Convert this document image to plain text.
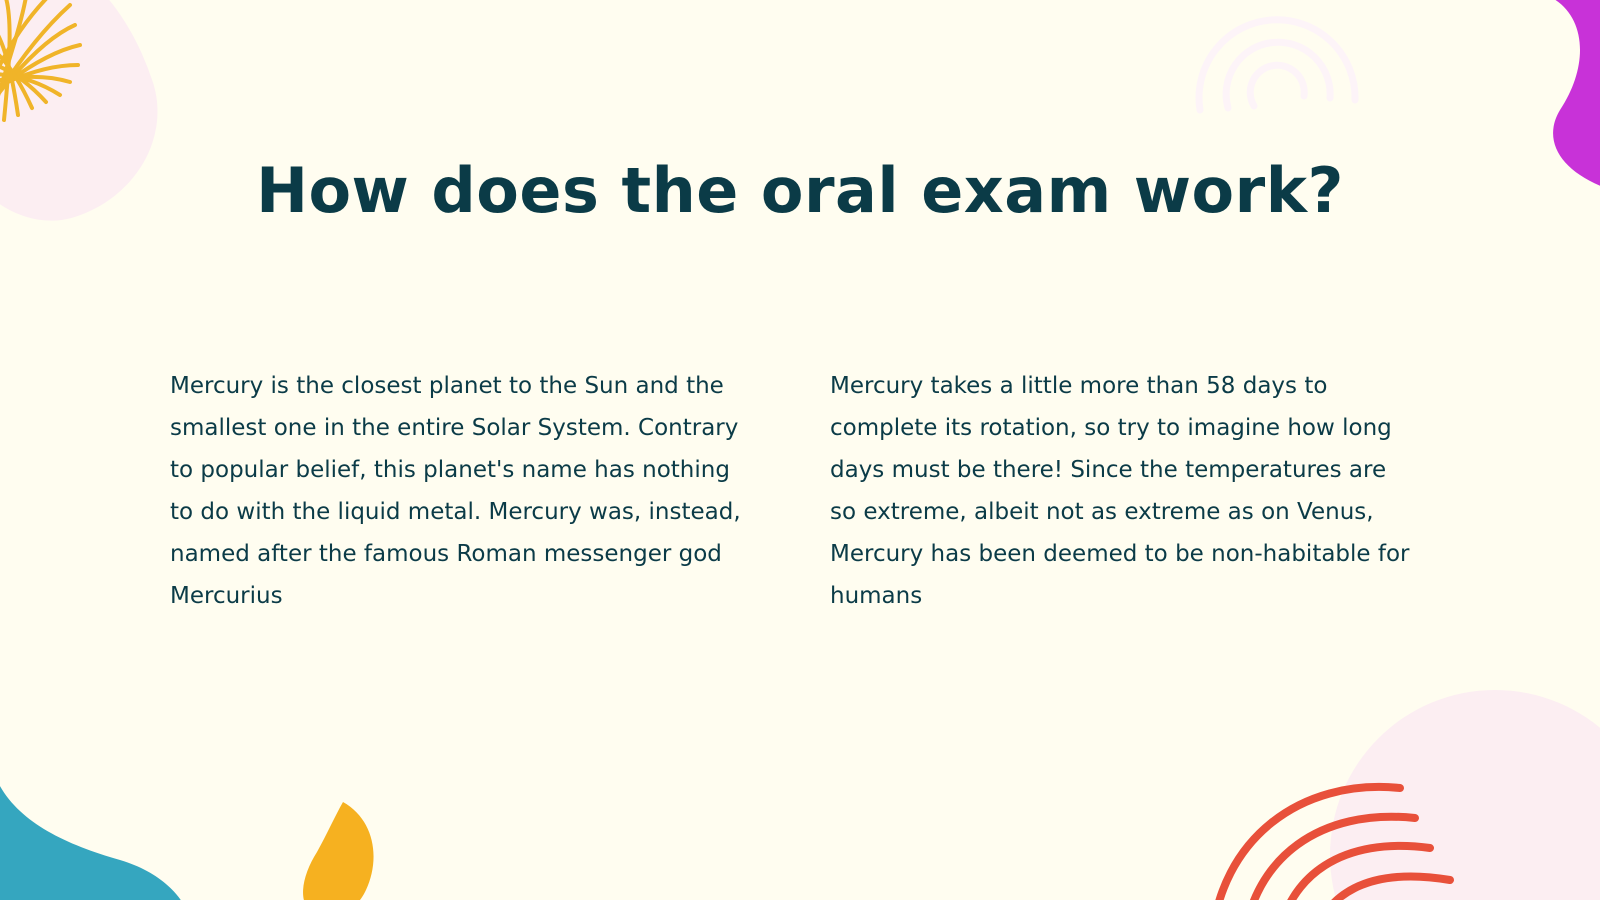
How does the oral exam work?
Mercury is the closest planet to the Sun and the smallest one in the entire Solar System. Contrary to popular belief, this planet's name has nothing to do with the liquid metal. Mercury was, instead, named after the famous Roman messenger god Mercurius
Mercury takes a little more than 58 days to complete its rotation, so try to imagine how long days must be there! Since the temperatures are so extreme, albeit not as extreme as on Venus, Mercury has been deemed to be non-habitable for humans
